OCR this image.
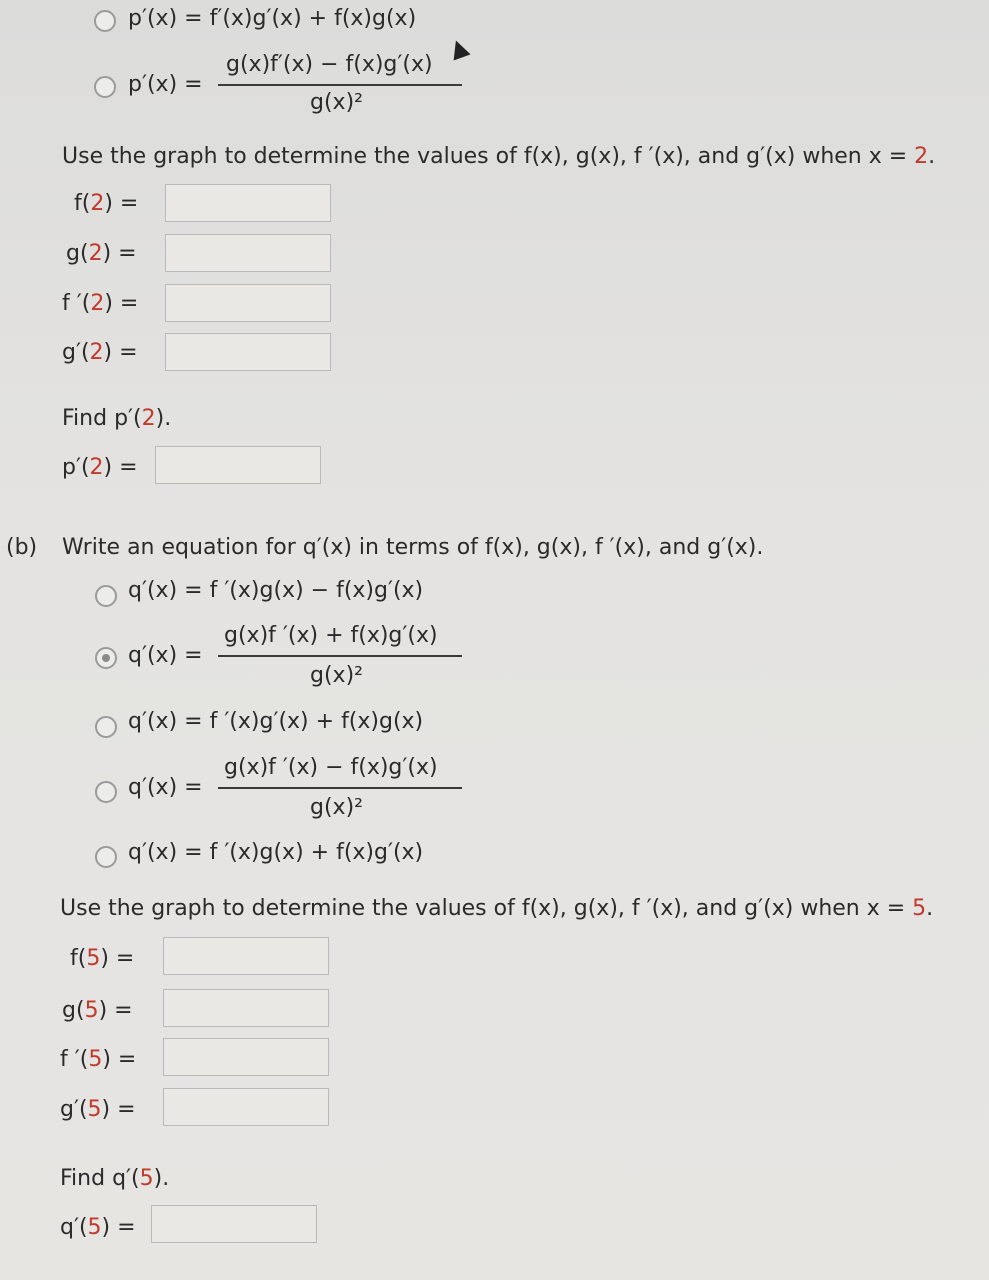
p′(x) = f′(x)g′(x) + f(x)g(x)
p′(x) =
g(x)f′(x) − f(x)g′(x)
g(x)²
Use the graph to determine the values of f(x), g(x), f ′(x), and g′(x) when x = 2.
f(2) =
g(2) =
f ′(2) =
g′(2) =
Find p′(2).
p′(2) =
(b) Write an equation for q′(x) in terms of f(x), g(x), f ′(x), and g′(x).
q′(x) = f ′(x)g(x) − f(x)g′(x)
q′(x) =
g(x)f ′(x) + f(x)g′(x)
g(x)²
q′(x) = f ′(x)g′(x) + f(x)g(x)
q′(x) =
g(x)f ′(x) − f(x)g′(x)
g(x)²
q′(x) = f ′(x)g(x) + f(x)g′(x)
Use the graph to determine the values of f(x), g(x), f ′(x), and g′(x) when x = 5.
f(5) =
g(5) =
f ′(5) =
g′(5) =
Find q′(5).
q′(5) =
